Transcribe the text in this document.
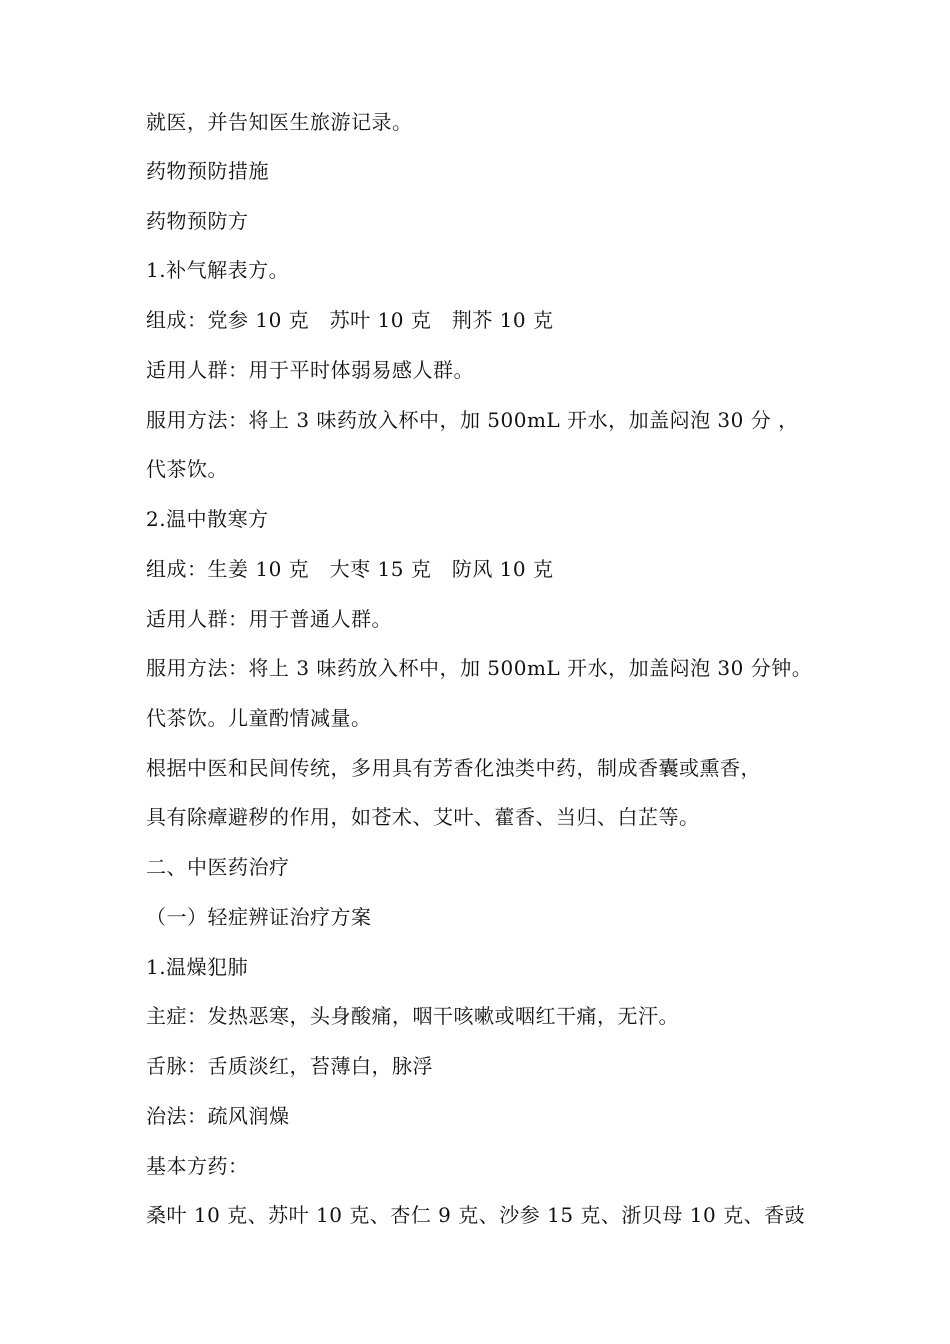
就医，并告知医生旅游记录。
药物预防措施
药物预防方
1.补气解表方。
组成：党参 10 克　苏叶 10 克　荆芥 10 克
适用人群：用于平时体弱易感人群。
服用方法：将上 3 味药放入杯中，加 500mL 开水，加盖闷泡 30 分 ，
代茶饮。
2.温中散寒方
组成：生姜 10 克　大枣 15 克　防风 10 克
适用人群：用于普通人群。
服用方法：将上 3 味药放入杯中，加 500mL 开水，加盖闷泡 30 分钟。
代茶饮。儿童酌情减量。
根据中医和民间传统，多用具有芳香化浊类中药，制成香囊或熏香，
具有除瘴避秽的作用，如苍术、艾叶、藿香、当归、白芷等。
二、中医药治疗
（一）轻症辨证治疗方案
1.温燥犯肺
主症：发热恶寒，头身酸痛，咽干咳嗽或咽红干痛，无汗。
舌脉：舌质淡红，苔薄白，脉浮
治法：疏风润燥
基本方药：
桑叶 10 克、苏叶 10 克、杏仁 9 克、沙参 15 克、浙贝母 10 克、香豉
